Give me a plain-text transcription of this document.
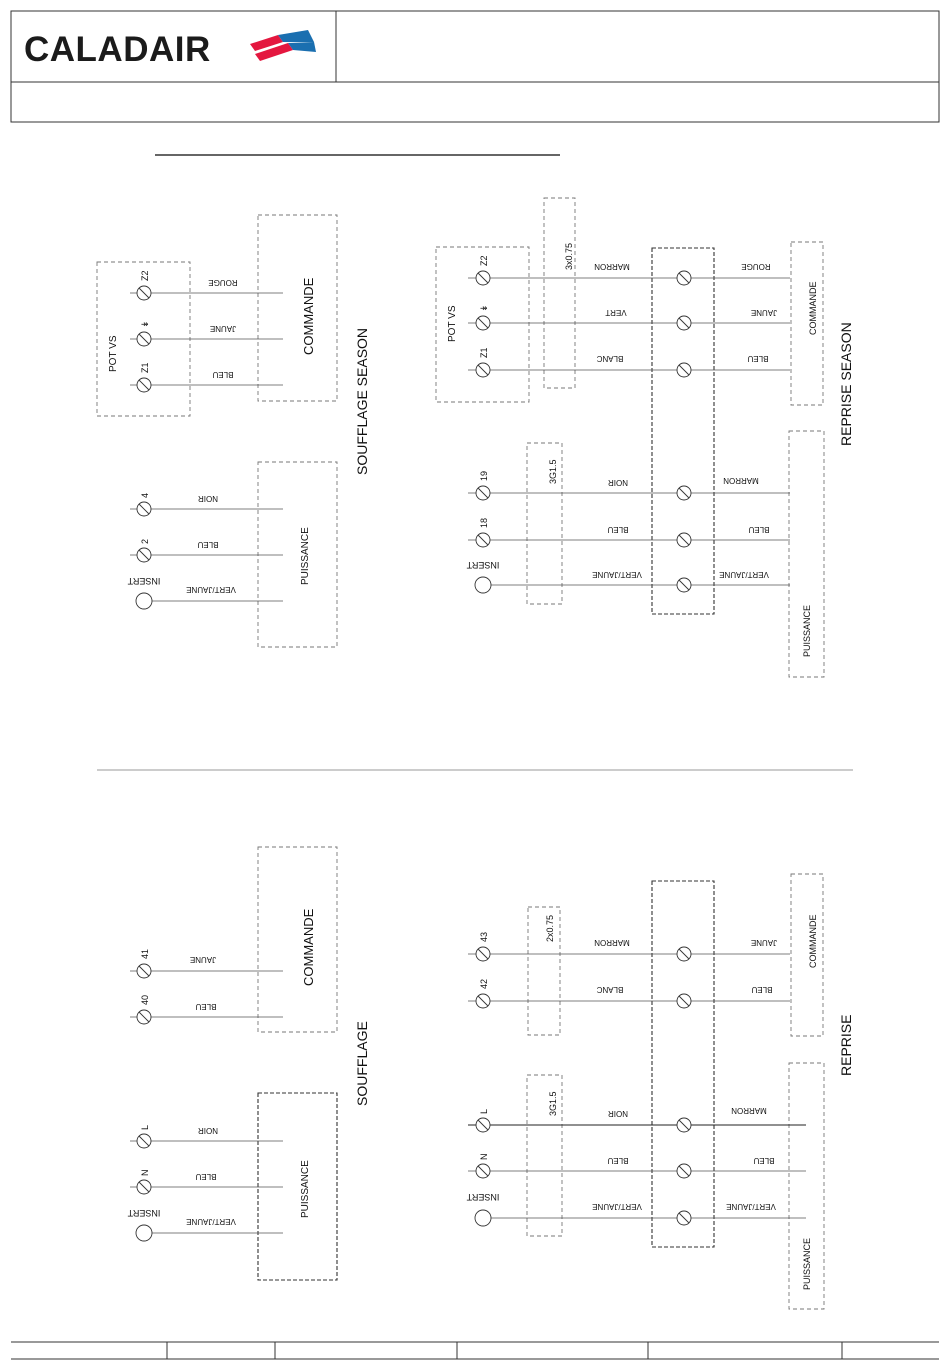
CALADAIR
POT VS	COMMANDE
PUISSANCE
SOUFFLAGE SEASON
Z2
↡
Z1
4
2
INSERT
ROUGE
JAUNE
BLEU
NOIR
BLEU
VERT/JAUNE
POT VS
3x0.75
3G1.5
COMMANDE
PUISSANCE
REPRISE SEASON
Z2
↡
Z1
19
18
INSERT
MARRON
VERT
BLANC
NOIR
BLEU
VERT/JAUNE
ROUGE
JAUNE
BLEU
MARRON
BLEU
VERT/JAUNE
COMMANDE
PUISSANCE
SOUFFLAGE
41
40
L
N
INSERT
JAUNE
BLEU
NOIR
BLEU
VERT/JAUNE
2x0.75
3G1.5
COMMANDE
PUISSANCE
REPRISE
43
42
L
N
INSERT
MARRON
BLANC
NOIR
BLEU
VERT/JAUNE
JAUNE
BLEU
MARRON
BLEU
VERT/JAUNE
